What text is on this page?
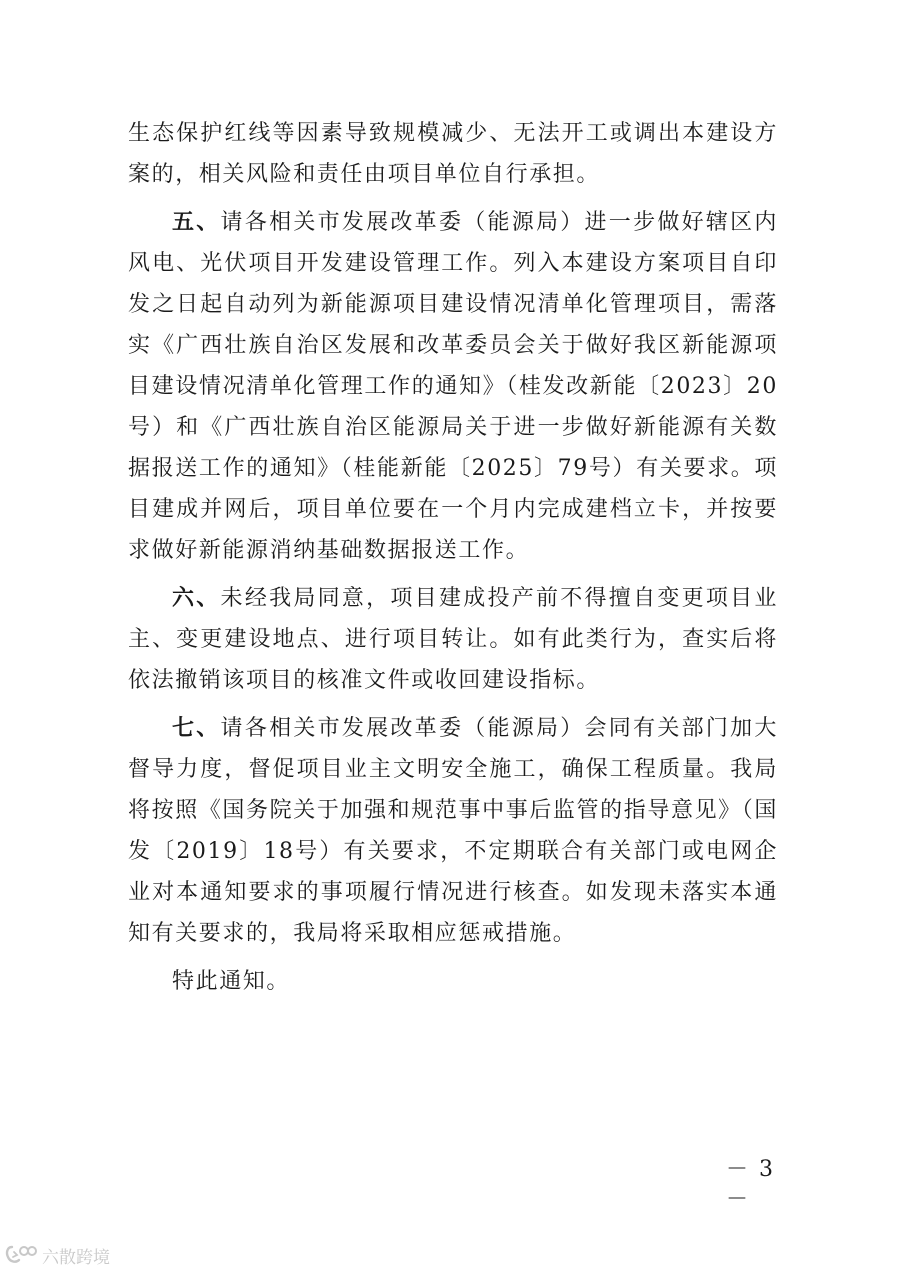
生态保护红线等因素导致规模减少、无法开工或调出本建设方案的，相关风险和责任由项目单位自行承担。

五、请各相关市发展改革委（能源局）进一步做好辖区内风电、光伏项目开发建设管理工作。列入本建设方案项目自印发之日起自动列为新能源项目建设情况清单化管理项目，需落实《广西壮族自治区发展和改革委员会关于做好我区新能源项目建设情况清单化管理工作的通知》（桂发改新能〔2023〕20号）和《广西壮族自治区能源局关于进一步做好新能源有关数据报送工作的通知》（桂能新能〔2025〕79号）有关要求。项目建成并网后，项目单位要在一个月内完成建档立卡，并按要求做好新能源消纳基础数据报送工作。

六、未经我局同意，项目建成投产前不得擅自变更项目业主、变更建设地点、进行项目转让。如有此类行为，查实后将依法撤销该项目的核准文件或收回建设指标。

七、请各相关市发展改革委（能源局）会同有关部门加大督导力度，督促项目业主文明安全施工，确保工程质量。我局将按照《国务院关于加强和规范事中事后监管的指导意见》（国发〔2019〕18号）有关要求，不定期联合有关部门或电网企业对本通知要求的事项履行情况进行核查。如发现未落实本通知有关要求的，我局将采取相应惩戒措施。

特此通知。

－ 3 －
六散跨境
